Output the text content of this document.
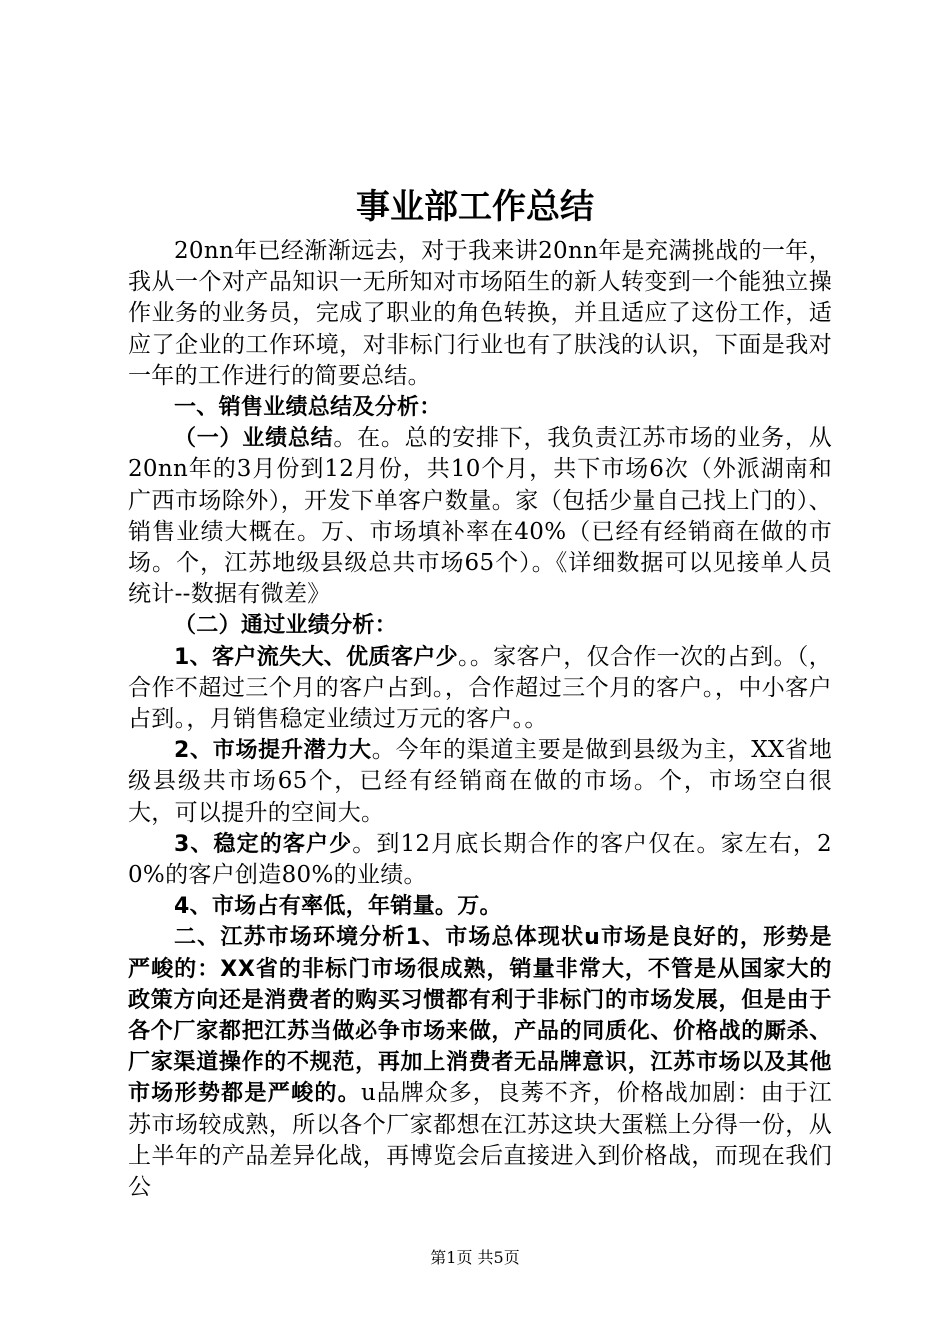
事业部工作总结

20nn年已经渐渐远去，对于我来讲20nn年是充满挑战的一年，我从一个对产品知识一无所知对市场陌生的新人转变到一个能独立操作业务的业务员，完成了职业的角色转换，并且适应了这份工作，适应了企业的工作环境，对非标门行业也有了肤浅的认识，下面是我对一年的工作进行的简要总结。

一、销售业绩总结及分析：

（一）业绩总结。在。总的安排下，我负责江苏市场的业务，从20nn年的3月份到12月份，共10个月，共下市场6次（外派湖南和广西市场除外），开发下单客户数量。家（包括少量自己找上门的）、销售业绩大概在。万、市场填补率在40%（已经有经销商在做的市场。个，江苏地级县级总共市场65个）。《详细数据可以见接单人员统计--数据有微差》

（二）通过业绩分析：

1、客户流失大、优质客户少。。家客户，仅合作一次的占到。（，合作不超过三个月的客户占到。，合作超过三个月的客户。，中小客户占到。，月销售稳定业绩过万元的客户。。

2、市场提升潜力大。今年的渠道主要是做到县级为主，XX省地级县级共市场65个，已经有经销商在做的市场。个，市场空白很大，可以提升的空间大。

3、稳定的客户少。到12月底长期合作的客户仅在。家左右，20%的客户创造80%的业绩。

4、市场占有率低，年销量。万。

二、江苏市场环境分析1、市场总体现状u市场是良好的，形势是严峻的：XX省的非标门市场很成熟，销量非常大，不管是从国家大的政策方向还是消费者的购买习惯都有利于非标门的市场发展，但是由于各个厂家都把江苏当做必争市场来做，产品的同质化、价格战的厮杀、厂家渠道操作的不规范，再加上消费者无品牌意识，江苏市场以及其他市场形势都是严峻的。u品牌众多，良莠不齐，价格战加剧：由于江苏市场较成熟，所以各个厂家都想在江苏这块大蛋糕上分得一份，从上半年的产品差异化战，再博览会后直接进入到价格战，而现在我们公

第1页 共5页
